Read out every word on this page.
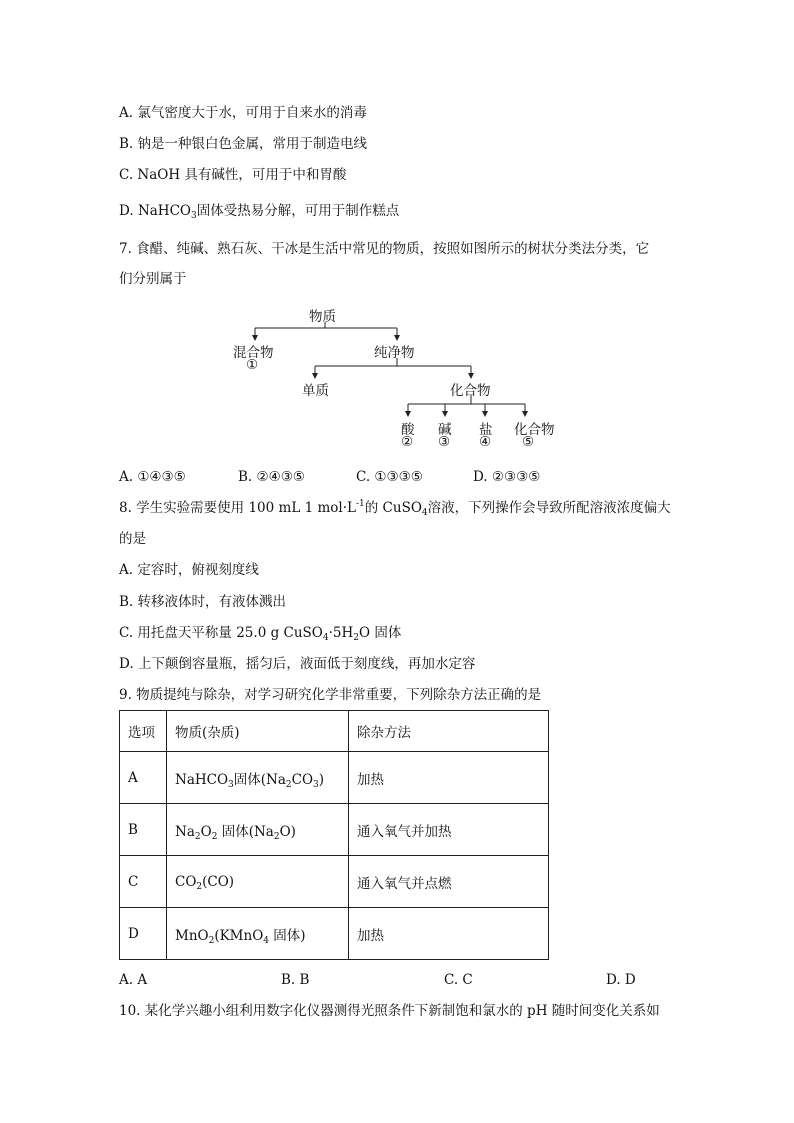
A. 氯气密度大于水，可用于自来水的消毒
B. 钠是一种银白色金属，常用于制造电线
C. NaOH 具有碱性，可用于中和胃酸
D. NaHCO$_3$固体受热易分解，可用于制作糕点
7. 食醋、纯碱、熟石灰、干冰是生活中常见的物质，按照如图所示的树状分类法分类，它
们分别属于
物质
混合物
①
纯净物
单质	化合物
酸
②
碱
③
盐
④
化合物
⑤
A. ①④③⑤	B. ②④③⑤	C. ①③③⑤	D. ②③③⑤
8. 学生实验需要使用 100 mL 1 $mol\cdot L^{-1}$的 CuSO$_4$溶液，下列操作会导致所配溶液浓度偏大
的是
A. 定容时，俯视刻度线
B. 转移液体时，有液体溅出
C. 用托盘天平称量 25.0 g $CuSO_4\cdot 5H_2O$ 固体
D. 上下颠倒容量瓶，摇匀后，液面低于刻度线，再加水定容
9. 物质提纯与除杂，对学习研究化学非常重要，下列除杂方法正确的是
选项	物质(杂质)	除杂方法
A	NaHCO$_3$固体$(Na_2CO_3)$	加热
B	$Na_2O_2$ 固体$(Na_2O)$	通入氧气并加热
C	$CO_2(CO)$	通入氧气并点燃
D	MnO$_2$(KMnO$_4$ 固体)	加热
A. A	B. B	C. C	D. D
10. 某化学兴趣小组利用数字化仪器测得光照条件下新制饱和氯水的 pH 随时间变化关系如
